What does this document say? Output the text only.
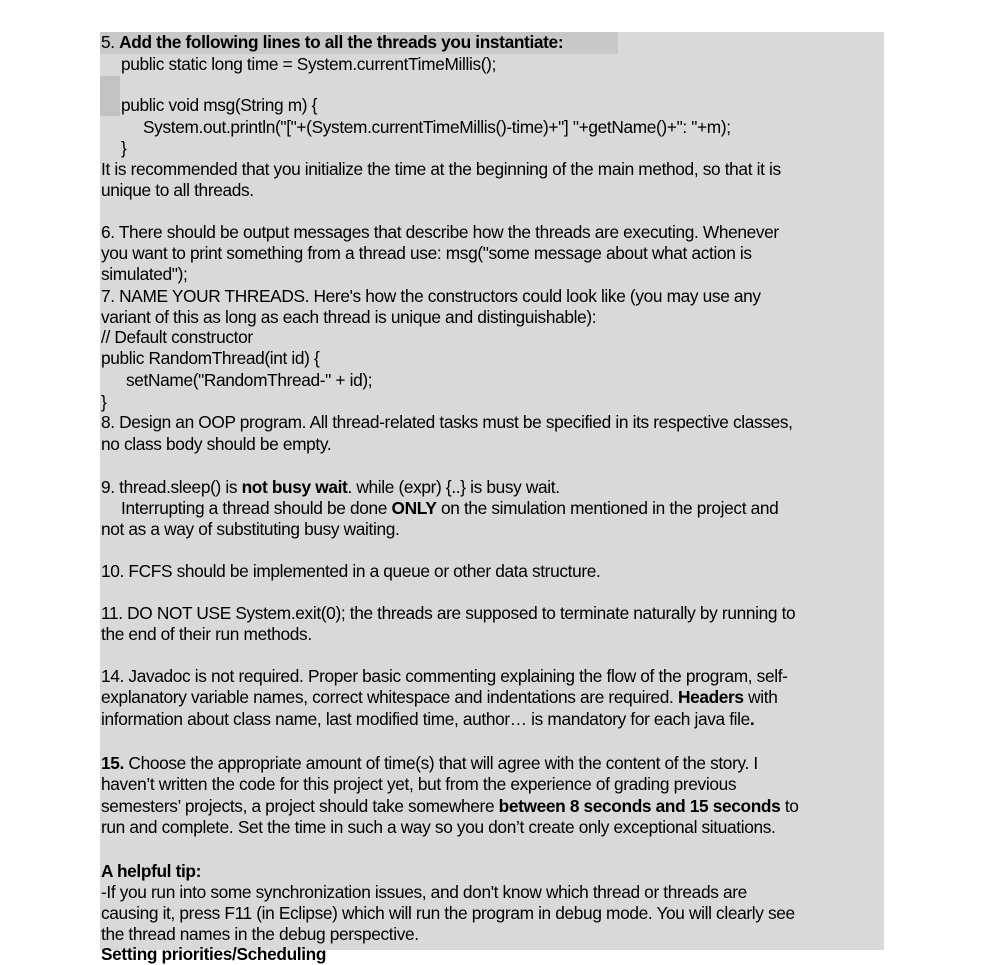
5. Add the following lines to all the threads you instantiate:
public static long time = System.currentTimeMillis();
public void msg(String m) {
System.out.println("["+(System.currentTimeMillis()-time)+"] "+getName()+": "+m);
}
It is recommended that you initialize the time at the beginning of the main method, so that it is
unique to all threads.
6. There should be output messages that describe how the threads are executing. Whenever
you want to print something from a thread use: msg("some message about what action is
simulated");
7. NAME YOUR THREADS. Here's how the constructors could look like (you may use any
variant of this as long as each thread is unique and distinguishable):
// Default constructor
public RandomThread(int id) {
setName("RandomThread-" + id);
}
8. Design an OOP program. All thread-related tasks must be specified in its respective classes,
no class body should be empty.
9. thread.sleep() is not busy wait. while (expr) {..} is busy wait.
Interrupting a thread should be done ONLY on the simulation mentioned in the project and
not as a way of substituting busy waiting.
10. FCFS should be implemented in a queue or other data structure.
11. DO NOT USE System.exit(0); the threads are supposed to terminate naturally by running to
the end of their run methods.
14. Javadoc is not required. Proper basic commenting explaining the flow of the program, self-
explanatory variable names, correct whitespace and indentations are required. Headers with
information about class name, last modified time, author… is mandatory for each java file.
15. Choose the appropriate amount of time(s) that will agree with the content of the story. I
haven’t written the code for this project yet, but from the experience of grading previous
semesters’ projects, a project should take somewhere between 8 seconds and 15 seconds to
run and complete. Set the time in such a way so you don’t create only exceptional situations.
A helpful tip:
-If you run into some synchronization issues, and don't know which thread or threads are
causing it, press F11 (in Eclipse) which will run the program in debug mode. You will clearly see
the thread names in the debug perspective.
Setting priorities/Scheduling
